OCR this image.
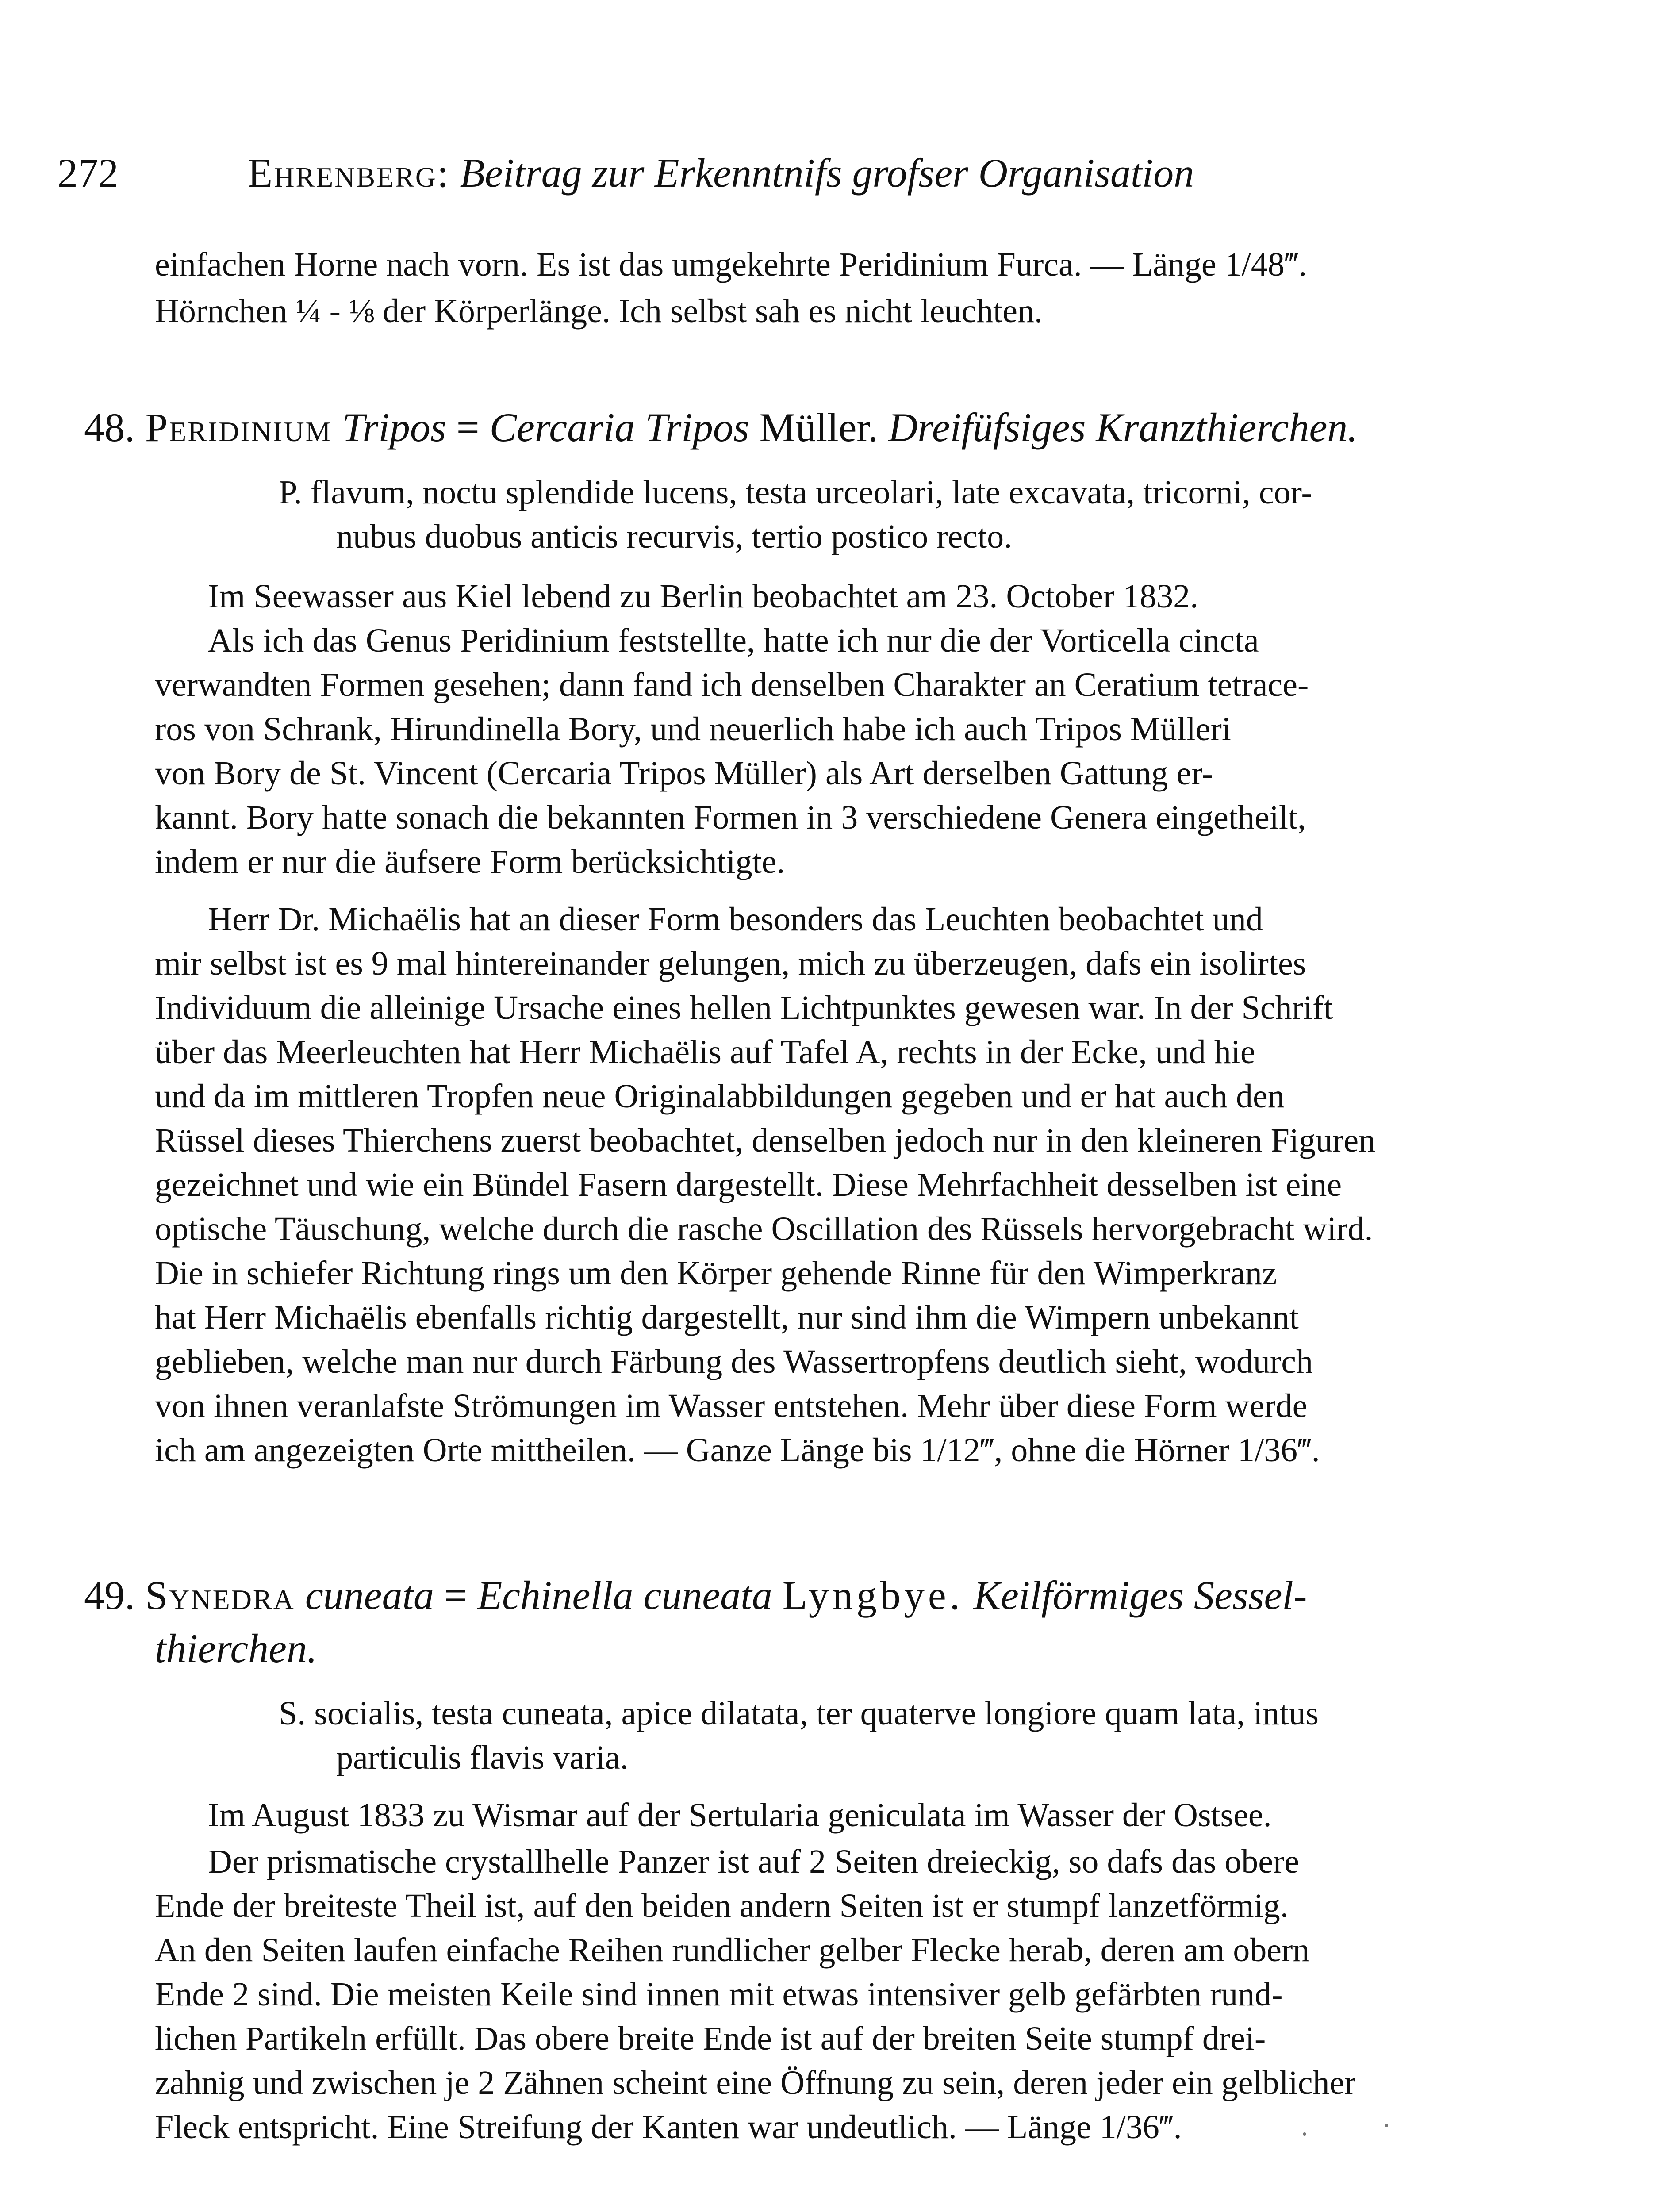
272	Ehrenberg: Beitrag zur Erkenntnifs grofser Organisation
einfachen Horne nach vorn. Es ist das umgekehrte Peridinium Furca. — Länge 1/48‴.
Hörnchen ¼ - ⅛ der Körperlänge. Ich selbst sah es nicht leuchten.
48. Peridinium Tripos = Cercaria Tripos Müller. Dreifüfsiges Kranzthierchen.
P. flavum, noctu splendide lucens, testa urceolari, late excavata, tricorni, cor-
nubus duobus anticis recurvis, tertio postico recto.
Im Seewasser aus Kiel lebend zu Berlin beobachtet am 23. October 1832.
Als ich das Genus Peridinium feststellte, hatte ich nur die der Vorticella cincta
verwandten Formen gesehen; dann fand ich denselben Charakter an Ceratium tetrace-
ros von Schrank, Hirundinella Bory, und neuerlich habe ich auch Tripos Mülleri
von Bory de St. Vincent (Cercaria Tripos Müller) als Art derselben Gattung er-
kannt. Bory hatte sonach die bekannten Formen in 3 verschiedene Genera eingetheilt,
indem er nur die äufsere Form berücksichtigte.
Herr Dr. Michaëlis hat an dieser Form besonders das Leuchten beobachtet und
mir selbst ist es 9 mal hintereinander gelungen, mich zu überzeugen, dafs ein isolirtes
Individuum die alleinige Ursache eines hellen Lichtpunktes gewesen war. In der Schrift
über das Meerleuchten hat Herr Michaëlis auf Tafel A, rechts in der Ecke, und hie
und da im mittleren Tropfen neue Originalabbildungen gegeben und er hat auch den
Rüssel dieses Thierchens zuerst beobachtet, denselben jedoch nur in den kleineren Figuren
gezeichnet und wie ein Bündel Fasern dargestellt. Diese Mehrfachheit desselben ist eine
optische Täuschung, welche durch die rasche Oscillation des Rüssels hervorgebracht wird.
Die in schiefer Richtung rings um den Körper gehende Rinne für den Wimperkranz
hat Herr Michaëlis ebenfalls richtig dargestellt, nur sind ihm die Wimpern unbekannt
geblieben, welche man nur durch Färbung des Wassertropfens deutlich sieht, wodurch
von ihnen veranlafste Strömungen im Wasser entstehen. Mehr über diese Form werde
ich am angezeigten Orte mittheilen. — Ganze Länge bis 1/12‴, ohne die Hörner 1/36‴.
49. Synedra cuneata = Echinella cuneata Lyngbye. Keilförmiges Sessel-
thierchen.
S. socialis, testa cuneata, apice dilatata, ter quaterve longiore quam lata, intus
particulis flavis varia.
Im August 1833 zu Wismar auf der Sertularia geniculata im Wasser der Ostsee.
Der prismatische crystallhelle Panzer ist auf 2 Seiten dreieckig, so dafs das obere
Ende der breiteste Theil ist, auf den beiden andern Seiten ist er stumpf lanzetförmig.
An den Seiten laufen einfache Reihen rundlicher gelber Flecke herab, deren am obern
Ende 2 sind. Die meisten Keile sind innen mit etwas intensiver gelb gefärbten rund-
lichen Partikeln erfüllt. Das obere breite Ende ist auf der breiten Seite stumpf drei-
zahnig und zwischen je 2 Zähnen scheint eine Öffnung zu sein, deren jeder ein gelblicher
Fleck entspricht. Eine Streifung der Kanten war undeutlich. — Länge 1/36‴.
